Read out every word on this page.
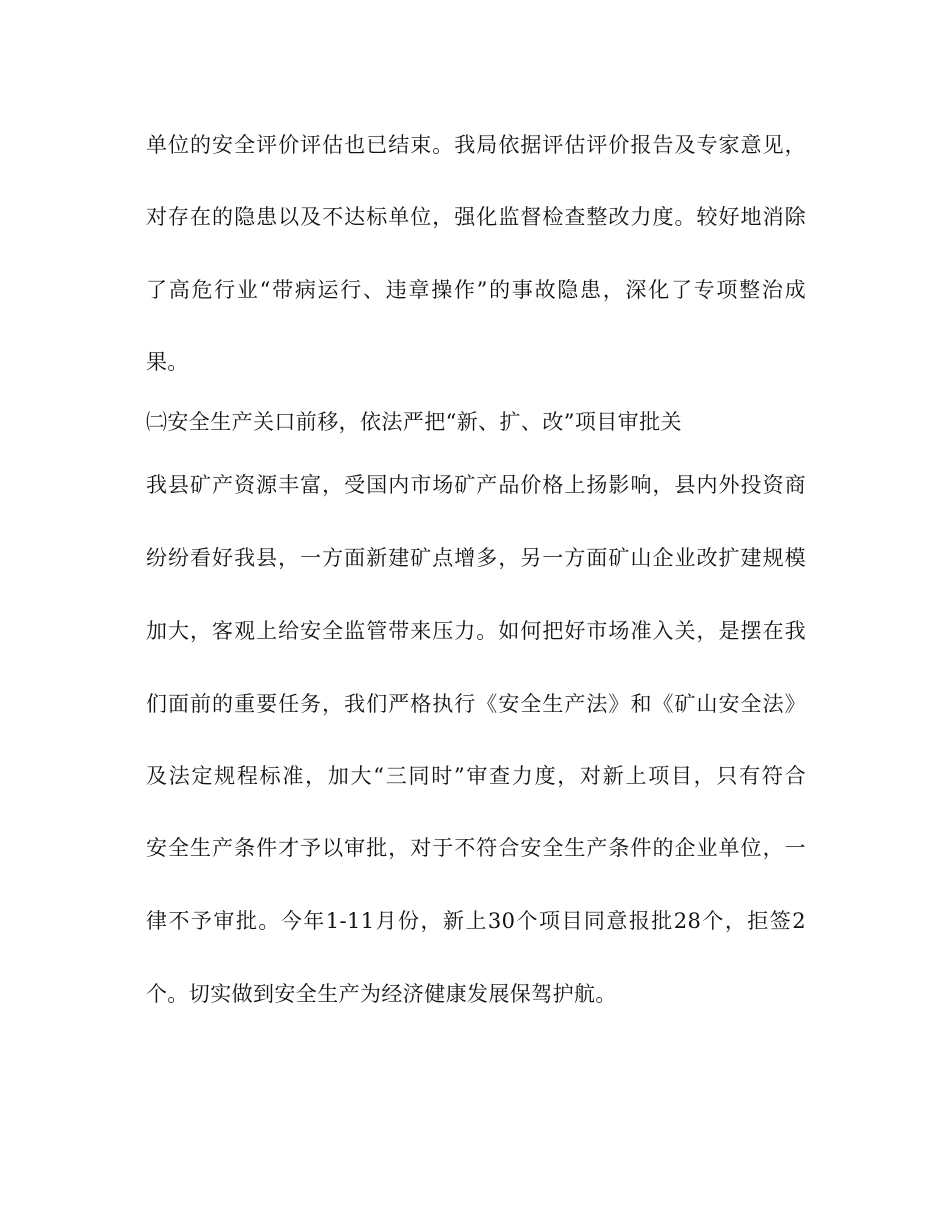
单位的安全评价评估也已结束。我局依据评估评价报告及专家意见，

对存在的隐患以及不达标单位，强化监督检查整改力度。较好地消除

了高危行业“带病运行、违章操作”的事故隐患，深化了专项整治成

果。

㈡安全生产关口前移，依法严把“新、扩、改”项目审批关

我县矿产资源丰富，受国内市场矿产品价格上扬影响，县内外投资商

纷纷看好我县，一方面新建矿点增多，另一方面矿山企业改扩建规模

加大，客观上给安全监管带来压力。如何把好市场准入关，是摆在我

们面前的重要任务，我们严格执行《安全生产法》和《矿山安全法》

及法定规程标准，加大“三同时”审查力度，对新上项目，只有符合

安全生产条件才予以审批，对于不符合安全生产条件的企业单位，一

律不予审批。今年1-11月份，新上30个项目同意报批28个，拒签2

个。切实做到安全生产为经济健康发展保驾护航。
